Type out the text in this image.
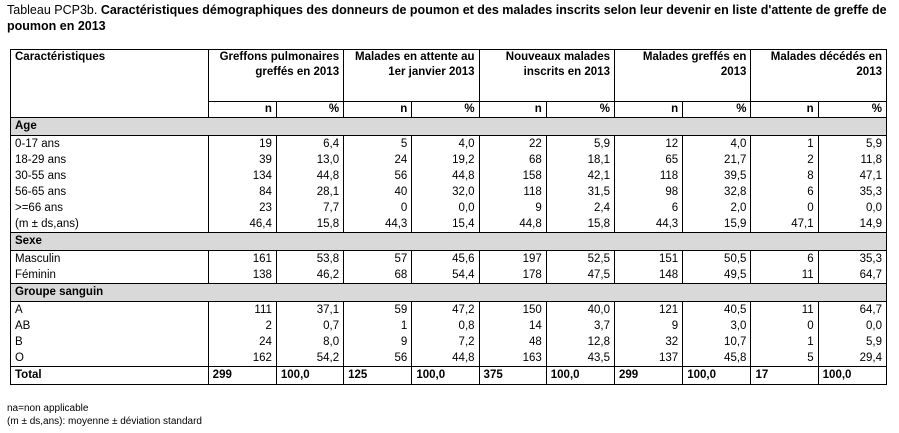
Tableau PCP3b. Caractéristiques démographiques des donneurs de poumon et des malades inscrits selon leur devenir en liste d'attente de greffe de poumon en 2013
Caractéristiques	Greffons pulmonaires greffés en 2013		Malades en attente au 1er janvier 2013		Nouveaux malades inscrits en 2013		Malades greffés en 2013		Malades décédés en 2013	
	n	%	n	%	n	%	n	%	n	%
Age										
0-17 ans	19	6,4	5	4,0	22	5,9	12	4,0	1	5,9
18-29 ans	39	13,0	24	19,2	68	18,1	65	21,7	2	11,8
30-55 ans	134	44,8	56	44,8	158	42,1	118	39,5	8	47,1
56-65 ans	84	28,1	40	32,0	118	31,5	98	32,8	6	35,3
>=66 ans	23	7,7	0	0,0	9	2,4	6	2,0	0	0,0
(m ± ds,ans)	46,4	15,8	44,3	15,4	44,8	15,8	44,3	15,9	47,1	14,9
Sexe										
Masculin	161	53,8	57	45,6	197	52,5	151	50,5	6	35,3
Féminin	138	46,2	68	54,4	178	47,5	148	49,5	11	64,7
Groupe sanguin										
A	111	37,1	59	47,2	150	40,0	121	40,5	11	64,7
AB	2	0,7	1	0,8	14	3,7	9	3,0	0	0,0
B	24	8,0	9	7,2	48	12,8	32	10,7	1	5,9
O	162	54,2	56	44,8	163	43,5	137	45,8	5	29,4
Total	299	100,0	125	100,0	375	100,0	299	100,0	17	100,0
na=non applicable
(m ± ds,ans): moyenne ± déviation standard
